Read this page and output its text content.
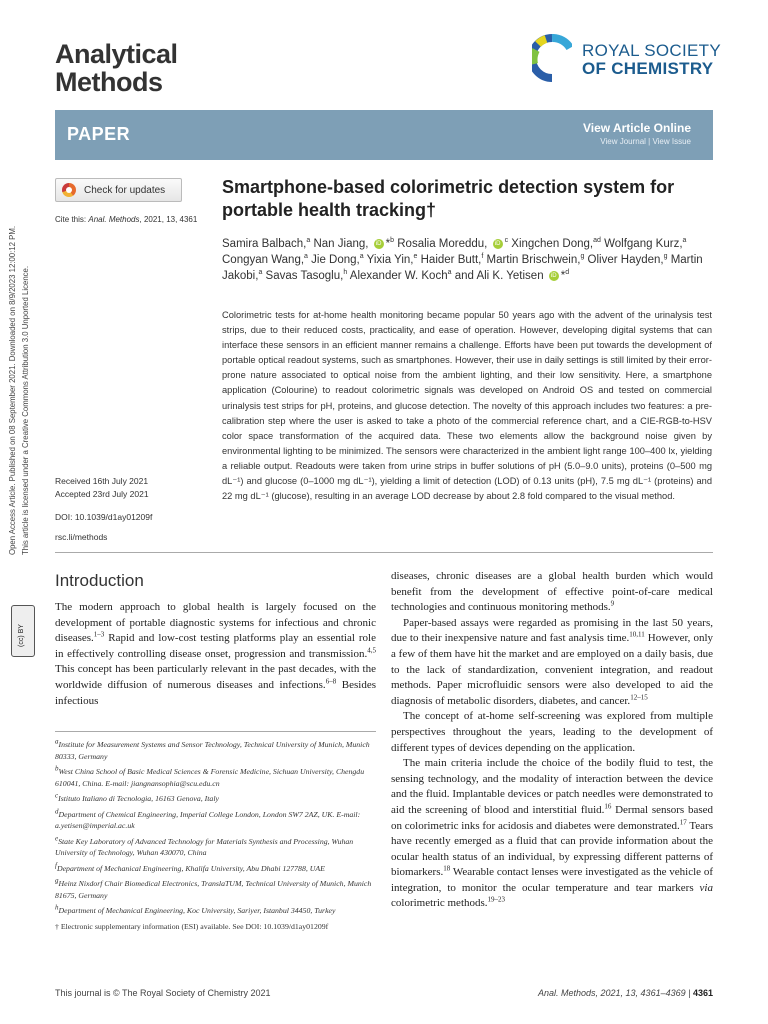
Analytical
Methods
ROYAL SOCIETY
OF CHEMISTRY
PAPER	View Article Online
View Journal | View Issue
Check for updates
Cite this: Anal. Methods, 2021, 13, 4361
Smartphone-based colorimetric detection system for portable health tracking†
Samira Balbach,$^a$ Nan Jiang, iD *$^b$ Rosalia Moreddu, iD $^c$ Xingchen Dong,$^{ad}$ Wolfgang Kurz,$^a$ Congyan Wang,$^a$ Jie Dong,$^a$ Yixia Yin,$^e$ Haider Butt,$^f$ Martin Brischwein,$^g$ Oliver Hayden,$^g$ Martin Jakobi,$^a$ Savas Tasoglu,$^h$ Alexander W. Koch$^a$ and Ali K. Yetisen iD *$^d$
Colorimetric tests for at-home health monitoring became popular 50 years ago with the advent of the urinalysis test strips, due to their reduced costs, practicality, and ease of operation. However, developing digital systems that can interface these sensors in an efficient manner remains a challenge. Efforts have been put towards the development of portable optical readout systems, such as smartphones. However, their use in daily settings is still limited by their error-prone nature associated to optical noise from the ambient lighting, and their low sensitivity. Here, a smartphone application (Colourine) to readout colorimetric signals was developed on Android OS and tested on commercial urinalysis test strips for pH, proteins, and glucose detection. The novelty of this approach includes two features: a pre-calibration step where the user is asked to take a photo of the commercial reference chart, and a CIE-RGB-to-HSV color space transformation of the acquired data. These two elements allow the background noise given by environmental lighting to be minimized. The sensors were characterized in the ambient light range 100–400 lx, yielding a reliable output. Readouts were taken from urine strips in buffer solutions of pH (5.0–9.0 units), proteins (0–500 mg dL⁻¹) and glucose (0–1000 mg dL⁻¹), yielding a limit of detection (LOD) of 0.13 units (pH), 7.5 mg dL⁻¹ (proteins) and 22 mg dL⁻¹ (glucose), resulting in an average LOD decrease by about 2.8 fold compared to the visual method.
Received 16th July 2021
Accepted 23rd July 2021
DOI: 10.1039/d1ay01209f
rsc.li/methods
Open Access Article. Published on 08 September 2021. Downloaded on 8/9/2023 12:00:12 PM. This article is licensed under a Creative Commons Attribution 3.0 Unported Licence.
(cc) BY
Introduction
The modern approach to global health is largely focused on the development of portable diagnostic systems for infectious and chronic diseases.$^{1-3}$ Rapid and low-cost testing platforms play an essential role in effectively controlling disease onset, progression and transmission.$^{4,5}$ This concept has been particularly relevant in the past decades, with the worldwide diffusion of numerous diseases and infections.$^{6-8}$ Besides infectious
$^a$Institute for Measurement Systems and Sensor Technology, Technical University of Munich, Munich 80333, Germany
$^b$West China School of Basic Medical Sciences & Forensic Medicine, Sichuan University, Chengdu 610041, China. E-mail: jiangnansophia@scu.edu.cn
$^c$Istituto Italiano di Tecnologia, 16163 Genova, Italy
$^d$Department of Chemical Engineering, Imperial College London, London SW7 2AZ, UK. E-mail: a.yetisen@imperial.ac.uk
$^e$State Key Laboratory of Advanced Technology for Materials Synthesis and Processing, Wuhan University of Technology, Wuhan 430070, China
$^f$Department of Mechanical Engineering, Khalifa University, Abu Dhabi 127788, UAE
$^g$Heinz Nixdorf Chair Biomedical Electronics, TranslaTUM, Technical University of Munich, Munich 81675, Germany
$^h$Department of Mechanical Engineering, Koc University, Sariyer, Istanbul 34450, Turkey
† Electronic supplementary information (ESI) available. See DOI: 10.1039/d1ay01209f

diseases, chronic diseases are a global health burden which would benefit from the development of effective point-of-care medical technologies and continuous monitoring methods.$^9$

Paper-based assays were regarded as promising in the last 50 years, due to their inexpensive nature and fast analysis time.$^{10,11}$ However, only a few of them have hit the market and are employed on a daily basis, due to the lack of standardization, convenient integration, and readout methods. Paper microfluidic sensors were also developed to aid the diagnosis of metabolic disorders, diabetes, and cancer.$^{12-15}$

The concept of at-home self-screening was explored from multiple perspectives throughout the years, leading to the development of different types of devices depending on the application.

The main criteria include the choice of the bodily fluid to test, the sensing technology, and the modality of interaction between the device and the fluid. Implantable devices or patch needles were demonstrated to aid the screening of blood and interstitial fluid.$^{16}$ Dermal sensors based on colorimetric inks for acidosis and diabetes were demonstrated.$^{17}$ Tears have recently emerged as a fluid that can provide information about the ocular health status of an individual, by expressing different patterns of biomarkers.$^{18}$ Wearable contact lenses were investigated as the vehicle of integration, to monitor the ocular temperature and tear markers via colorimetric methods.$^{19-23}$

This journal is © The Royal Society of Chemistry 2021	Anal. Methods, 2021, 13, 4361–4369 | 4361
